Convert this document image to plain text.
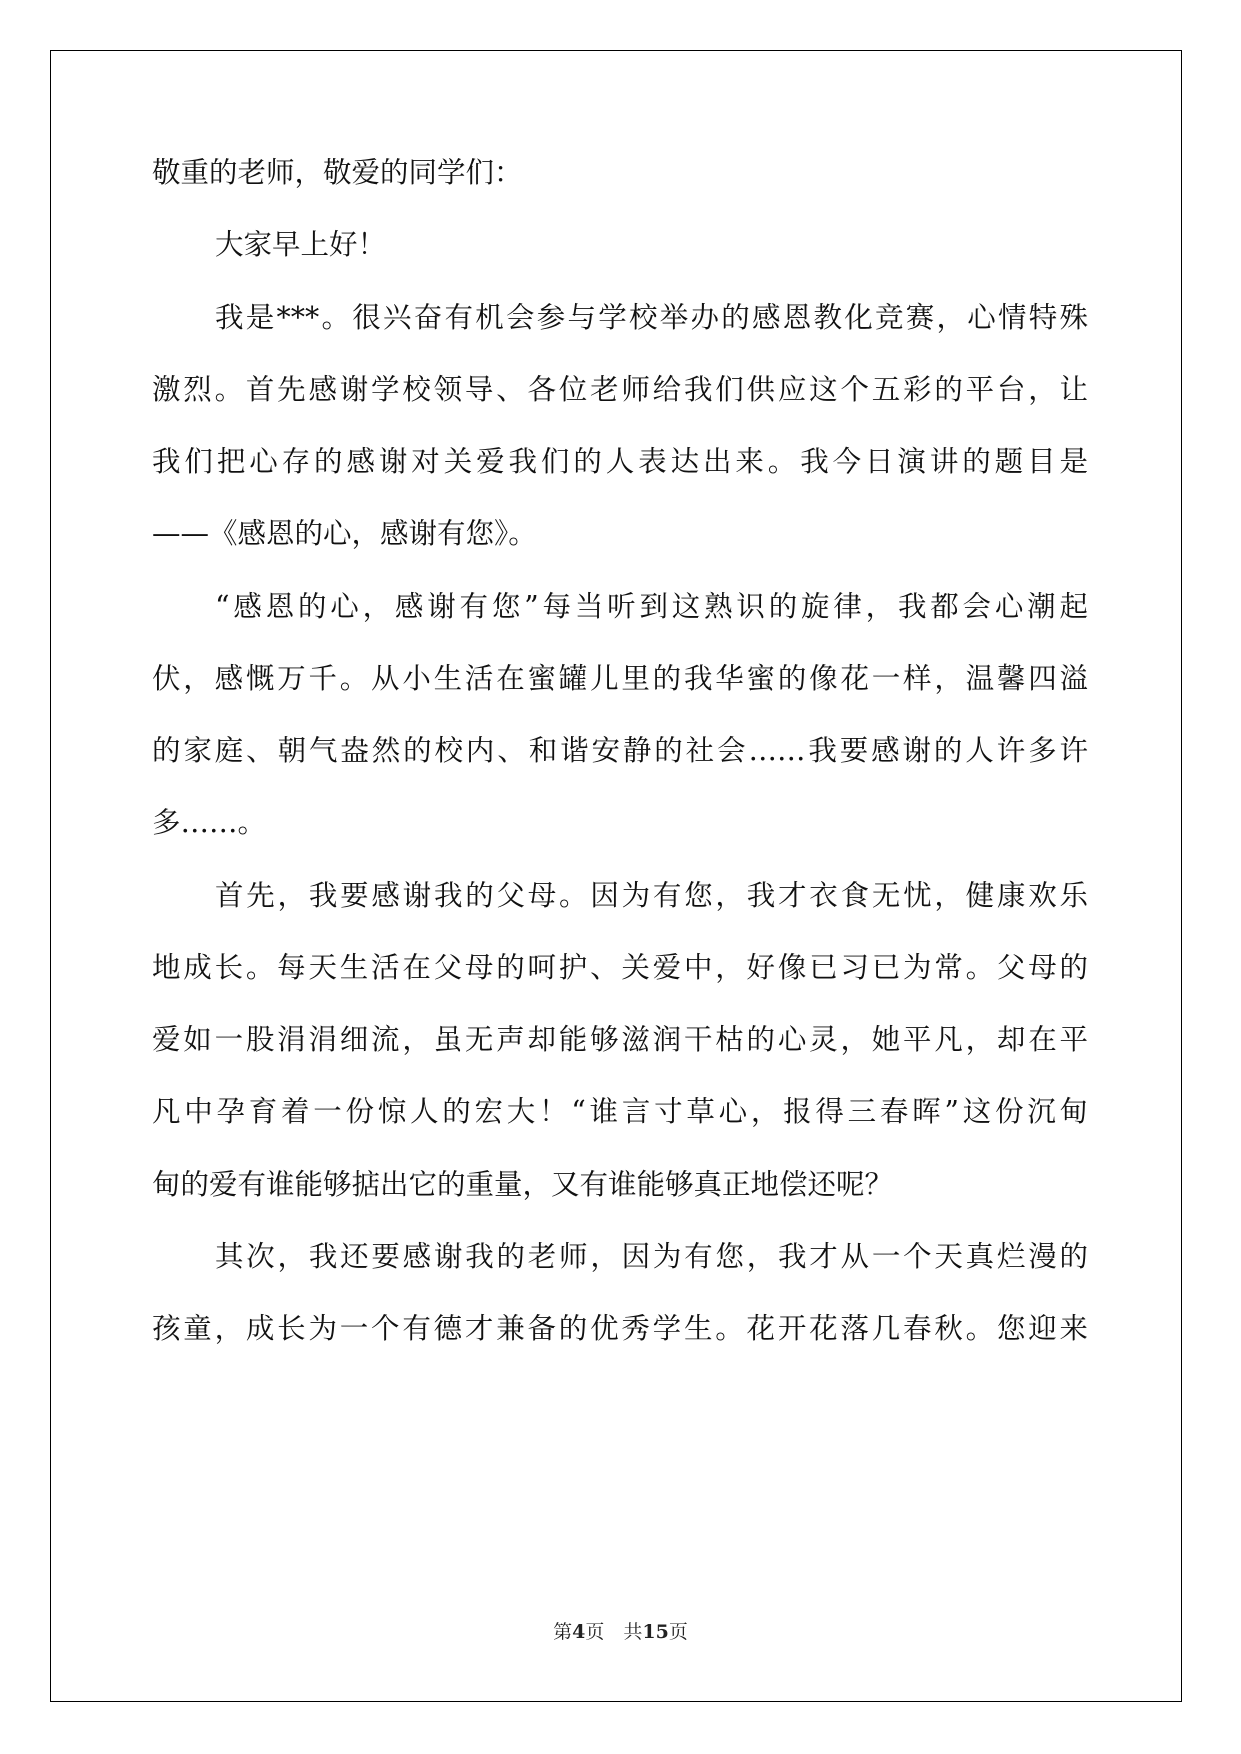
敬重的老师，敬爱的同学们：
大家早上好！
我是***。很兴奋有机会参与学校举办的感恩教化竞赛，心情特殊
激烈。首先感谢学校领导、各位老师给我们供应这个五彩的平台，让
我们把心存的感谢对关爱我们的人表达出来。我今日演讲的题目是
——《感恩的心，感谢有您》。
“感恩的心，感谢有您”每当听到这熟识的旋律，我都会心潮起
伏，感慨万千。从小生活在蜜罐儿里的我华蜜的像花一样，温馨四溢
的家庭、朝气盎然的校内、和谐安静的社会……我要感谢的人许多许
多……。
首先，我要感谢我的父母。因为有您，我才衣食无忧，健康欢乐
地成长。每天生活在父母的呵护、关爱中，好像已习已为常。父母的
爱如一股涓涓细流，虽无声却能够滋润干枯的心灵，她平凡，却在平
凡中孕育着一份惊人的宏大！“谁言寸草心，报得三春晖”这份沉甸
甸的爱有谁能够掂出它的重量，又有谁能够真正地偿还呢？
其次，我还要感谢我的老师，因为有您，我才从一个天真烂漫的
孩童，成长为一个有德才兼备的优秀学生。花开花落几春秋。您迎来
第4页　共15页
